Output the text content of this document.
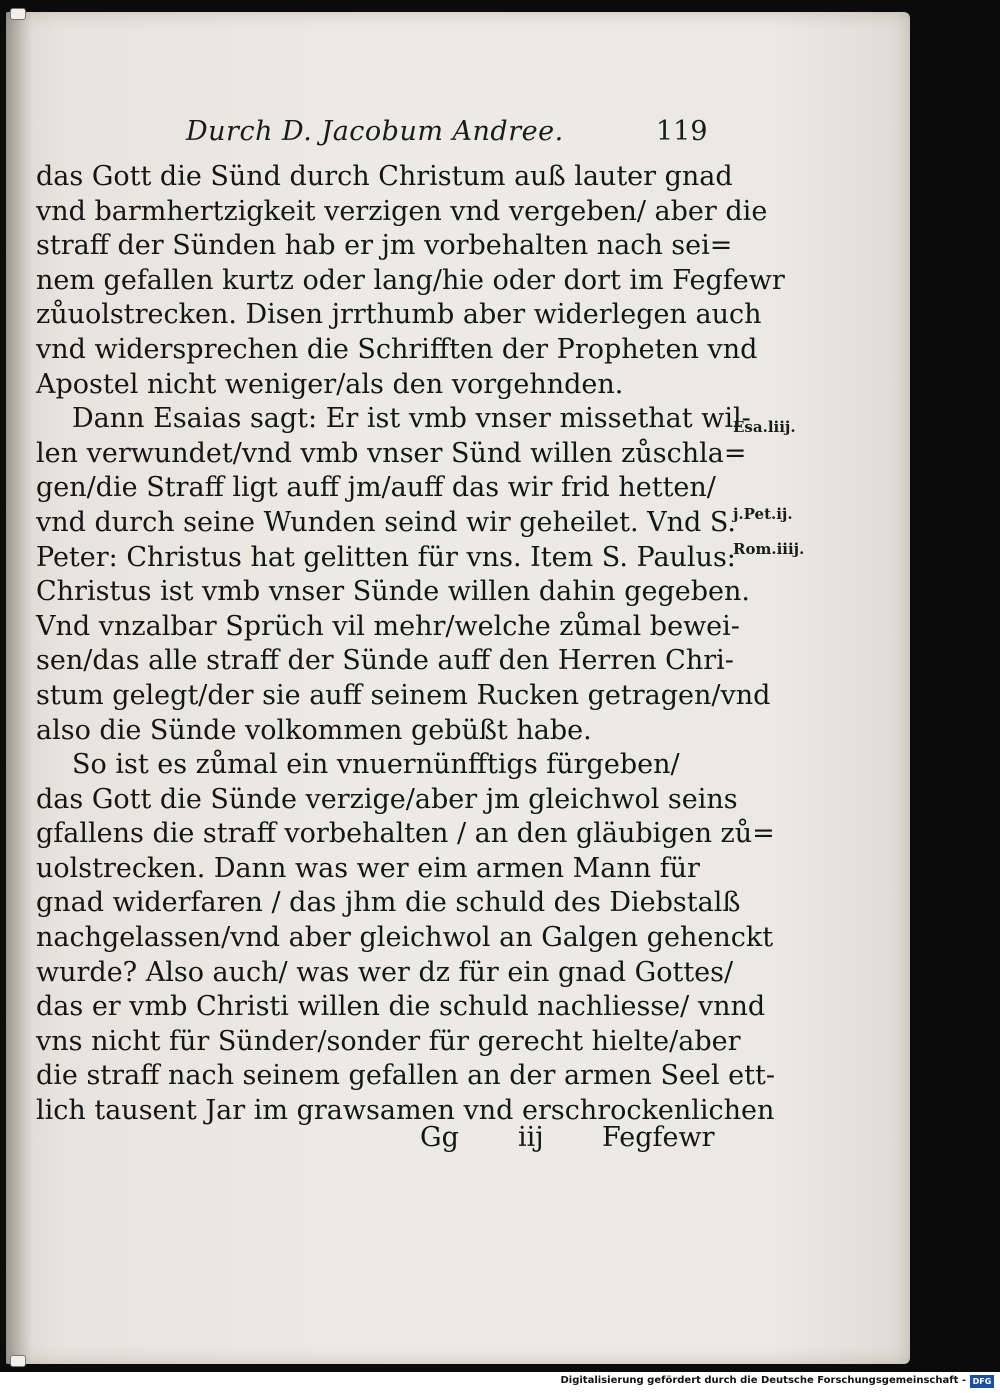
Durch D. Jacobum Andree.	119
das Gott die Sünd durch Christum auß lauter gnad
vnd barmhertzigkeit verzigen vnd vergeben/ aber die
straff der Sünden hab er jm vorbehalten nach sei=
nem gefallen kurtz oder lang/hie oder dort im Fegfewr
zůuolstrecken. Disen jrrthumb aber widerlegen auch
vnd widersprechen die Schrifften der Propheten vnd
Apostel nicht weniger/als den vorgehnden.
Dann Esaias sagt: Er ist vmb vnser missethat wil-
len verwundet/vnd vmb vnser Sünd willen zůschla=
gen/die Straff ligt auff jm/auff das wir frid hetten/
vnd durch seine Wunden seind wir geheilet. Vnd S.
Peter: Christus hat gelitten für vns. Item S. Paulus:
Christus ist vmb vnser Sünde willen dahin gegeben.
Vnd vnzalbar Sprüch vil mehr/welche zůmal bewei-
sen/das alle straff der Sünde auff den Herren Chri-
stum gelegt/der sie auff seinem Rucken getragen/vnd
also die Sünde volkommen gebüßt habe.
So ist es zůmal ein vnuernünfftigs fürgeben/
das Gott die Sünde verzige/aber jm gleichwol seins
gfallens die straff vorbehalten / an den gläubigen zů=
uolstrecken. Dann was wer eim armen Mann für
gnad widerfaren / das jhm die schuld des Diebstalß
nachgelassen/vnd aber gleichwol an Galgen gehenckt
wurde? Also auch/ was wer dz für ein gnad Gottes/
das er vmb Christi willen die schuld nachliesse/ vnnd
vns nicht für Sünder/sonder für gerecht hielte/aber
die straff nach seinem gefallen an der armen Seel ett-
lich tausent Jar im grawsamen vnd erschrockenlichen
Esa.liij.
j.Pet.ij.
Rom.iiij.
Gg iij Fegfewr
Digitalisierung gefördert durch die Deutsche Forschungsgemeinschaft - DFG
